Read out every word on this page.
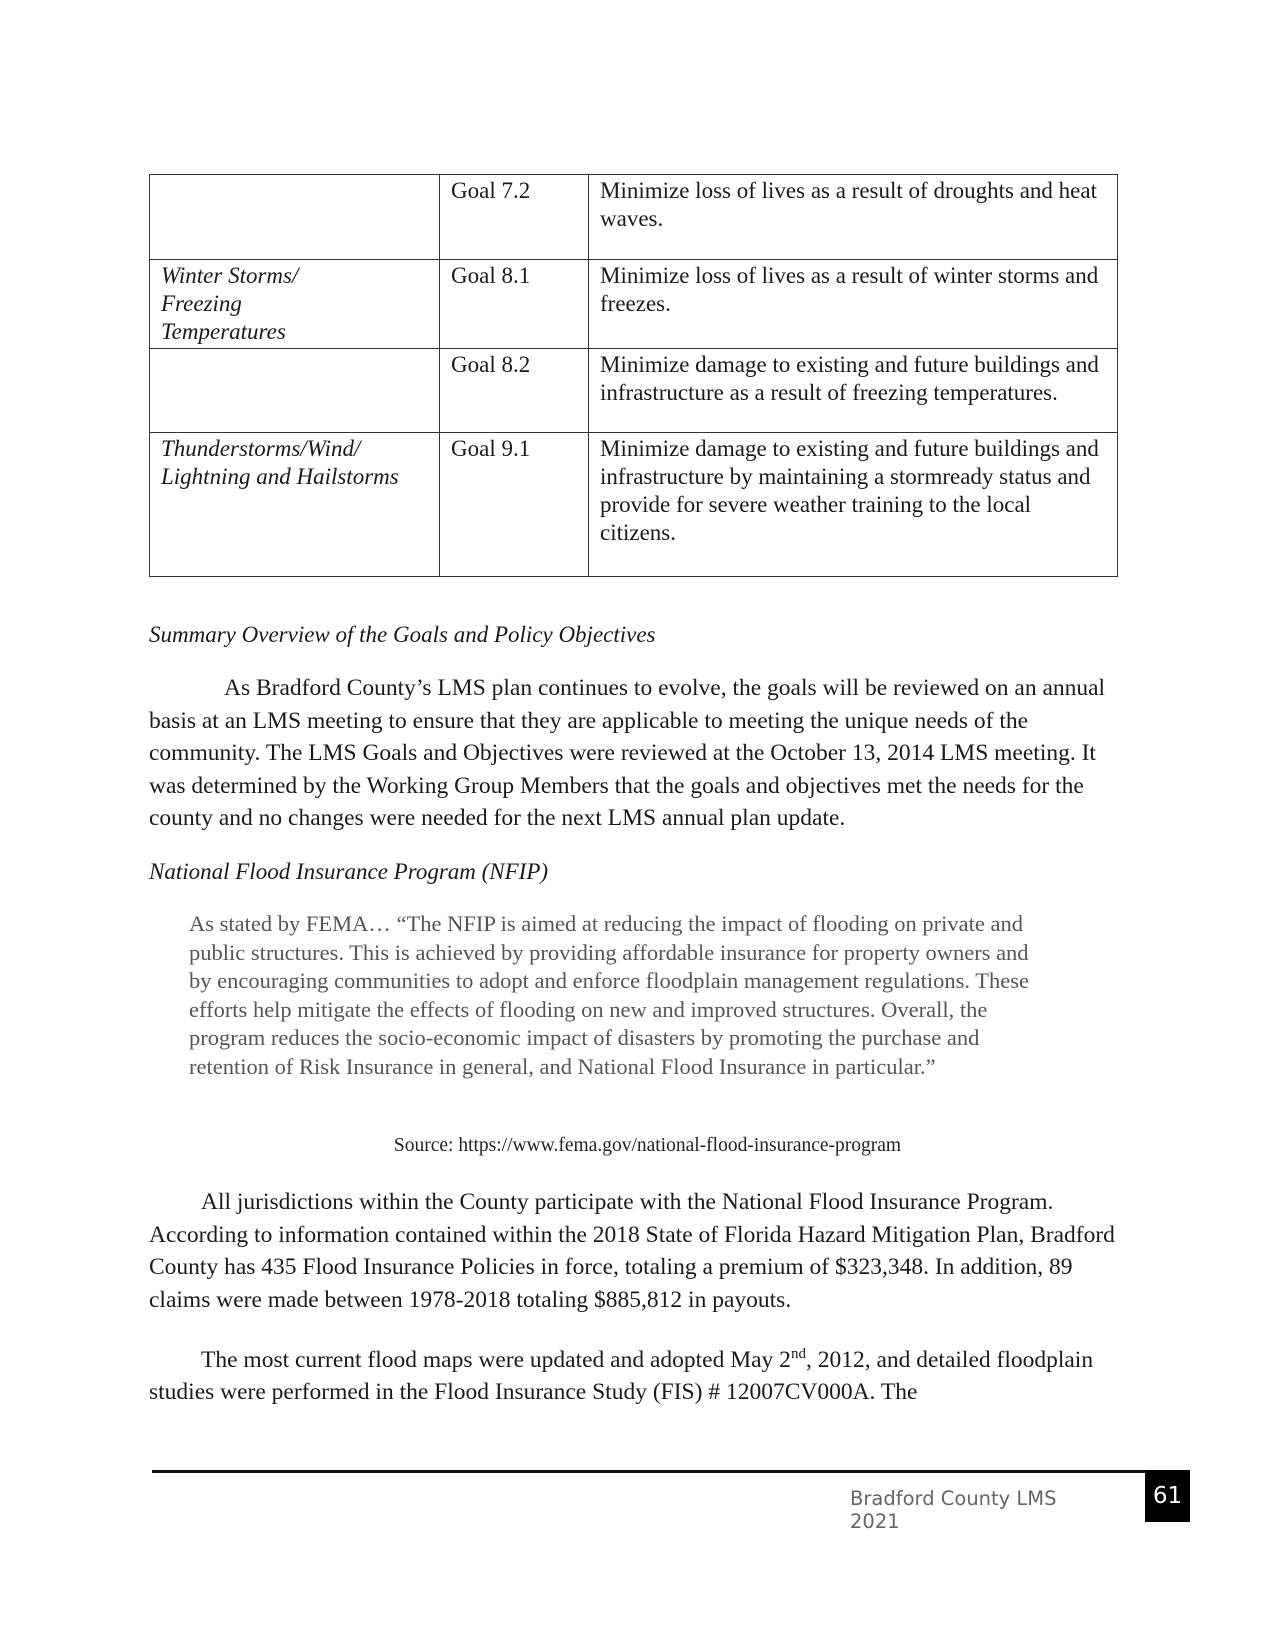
	Goal 7.2	Minimize loss of lives as a result of droughts and heat
waves.

Winter Storms/ Freezing Temperatures	Goal 8.1	Minimize loss of lives as a result of winter storms and freezes.
	Goal 8.2	Minimize damage to existing and future buildings and
infrastructure as a result of freezing temperatures.

Thunderstorms/Wind/ Lightning and Hailstorms	Goal 9.1	Minimize damage to existing and future buildings and infrastructure by maintaining a stormready status and provide for severe weather training to the local citizens.
Summary Overview of the Goals and Policy Objectives

As Bradford County’s LMS plan continues to evolve, the goals will be reviewed on an annual basis at an LMS meeting to ensure that they are applicable to meeting the unique needs of the community. The LMS Goals and Objectives were reviewed at the October 13, 2014 LMS meeting. It was determined by the Working Group Members that the goals and objectives met the needs for the county and no changes were needed for the next LMS annual plan update.

National Flood Insurance Program (NFIP)

As stated by FEMA… “The NFIP is aimed at reducing the impact of flooding on private and public structures. This is achieved by providing affordable insurance for property owners and by encouraging communities to adopt and enforce floodplain management regulations. These efforts help mitigate the effects of flooding on new and improved structures. Overall, the program reduces the socio-economic impact of disasters by promoting the purchase and retention of Risk Insurance in general, and National Flood Insurance in particular.”

Source: https://www.fema.gov/national-flood-insurance-program

All jurisdictions within the County participate with the National Flood Insurance Program. According to information contained within the 2018 State of Florida Hazard Mitigation Plan, Bradford County has 435 Flood Insurance Policies in force, totaling a premium of $323,348. In addition, 89 claims were made between 1978-2018 totaling $885,812 in payouts.

The most current flood maps were updated and adopted May 2nd, 2012, and detailed floodplain studies were performed in the Flood Insurance Study (FIS) # 12007CV000A. The

Bradford County LMS 2021
61
